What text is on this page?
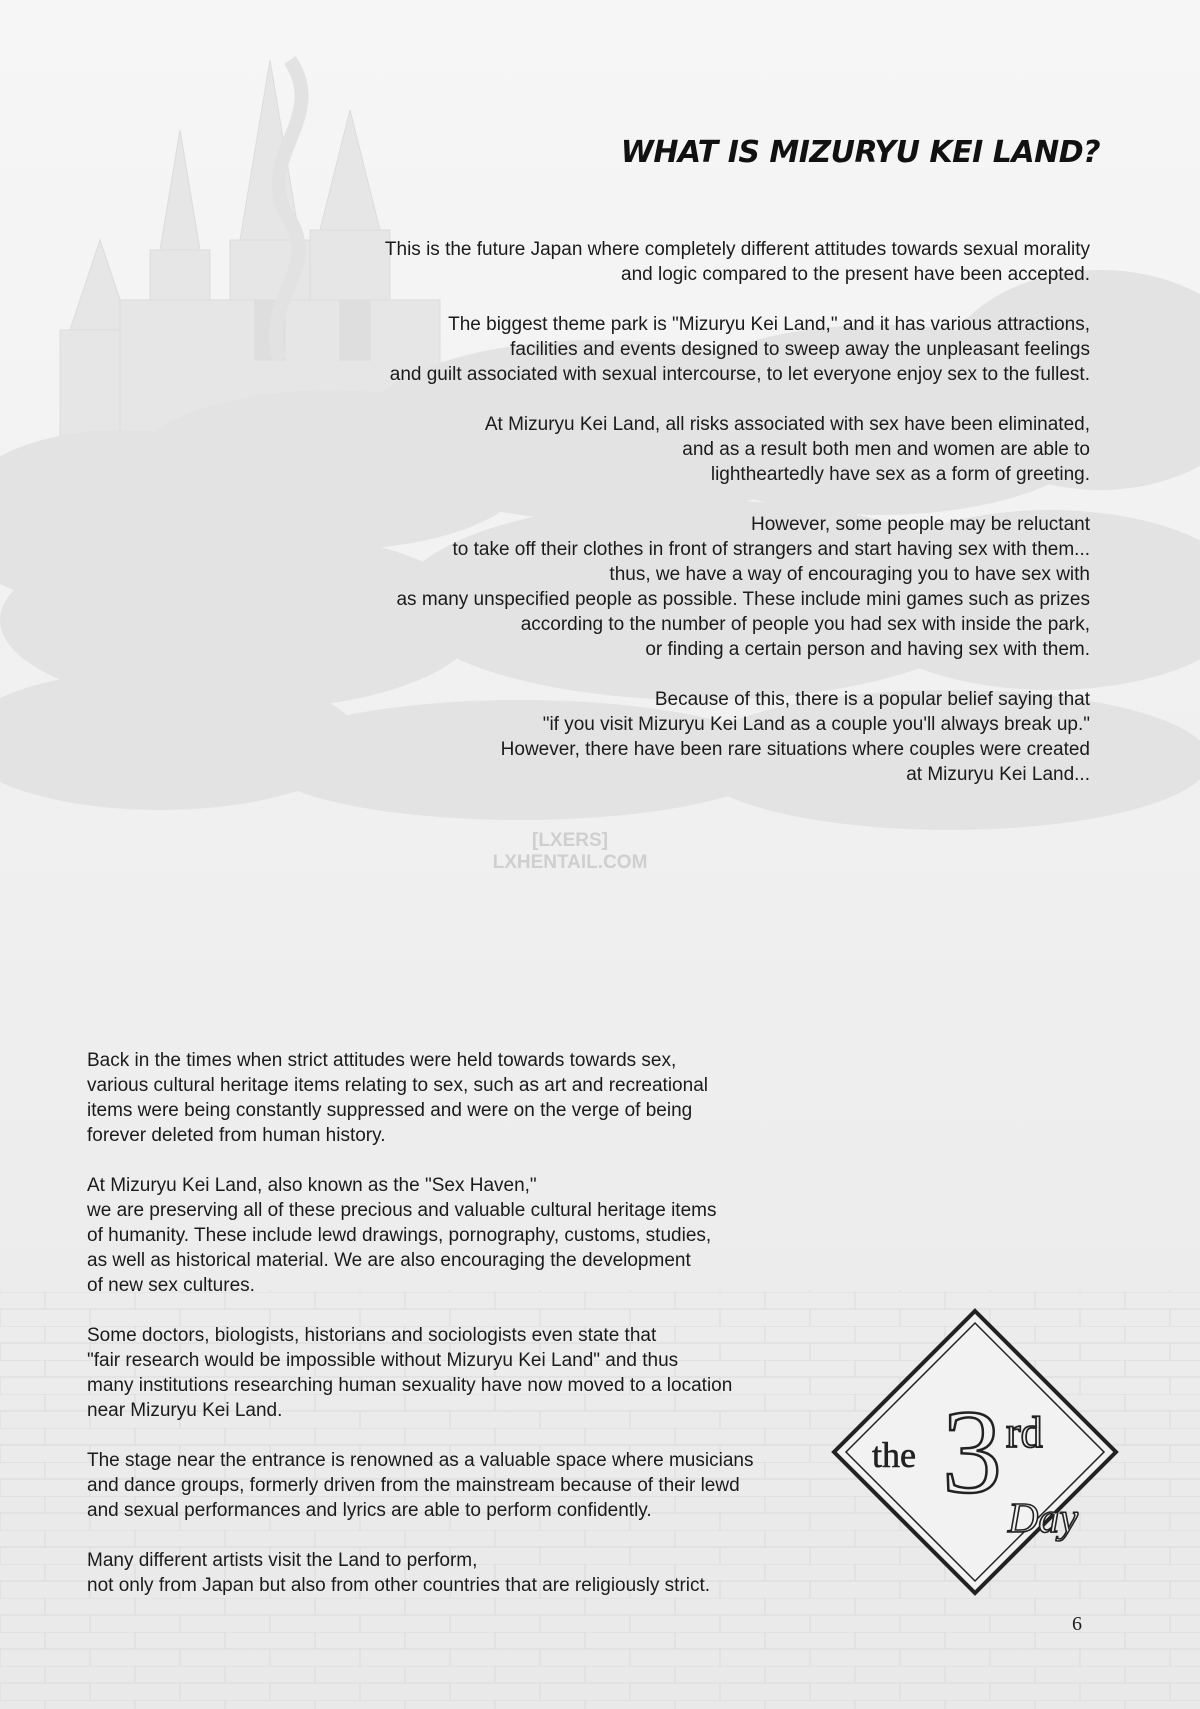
WHAT IS MIZURYU KEI LAND?

This is the future Japan where completely different attitudes towards sexual morality
and logic compared to the present have been accepted.

The biggest theme park is "Mizuryu Kei Land," and it has various attractions,
facilities and events designed to sweep away the unpleasant feelings
and guilt associated with sexual intercourse, to let everyone enjoy sex to the fullest.

At Mizuryu Kei Land, all risks associated with sex have been eliminated,
and as a result both men and women are able to
lightheartedly have sex as a form of greeting.

However, some people may be reluctant
to take off their clothes in front of strangers and start having sex with them...
thus, we have a way of encouraging you to have sex with
as many unspecified people as possible. These include mini games such as prizes
according to the number of people you had sex with inside the park,
or finding a certain person and having sex with them.

Because of this, there is a popular belief saying that
"if you visit Mizuryu Kei Land as a couple you'll always break up."
However, there have been rare situations where couples were created
at Mizuryu Kei Land...

[LXERS]
LXHENTAIL.COM

Back in the times when strict attitudes were held towards towards sex,
various cultural heritage items relating to sex, such as art and recreational
items were being constantly suppressed and were on the verge of being
forever deleted from human history.

At Mizuryu Kei Land, also known as the "Sex Haven,"
we are preserving all of these precious and valuable cultural heritage items
of humanity. These include lewd drawings, pornography, customs, studies,
as well as historical material. We are also encouraging the development
of new sex cultures.

Some doctors, biologists, historians and sociologists even state that
"fair research would be impossible without Mizuryu Kei Land" and thus
many institutions researching human sexuality have now moved to a location
near Mizuryu Kei Land.

The stage near the entrance is renowned as a valuable space where musicians
and dance groups, formerly driven from the mainstream because of their lewd
and sexual performances and lyrics are able to perform confidently.

Many different artists visit the Land to perform,
not only from Japan but also from other countries that are religiously strict.

the 3 rd
Day
6
